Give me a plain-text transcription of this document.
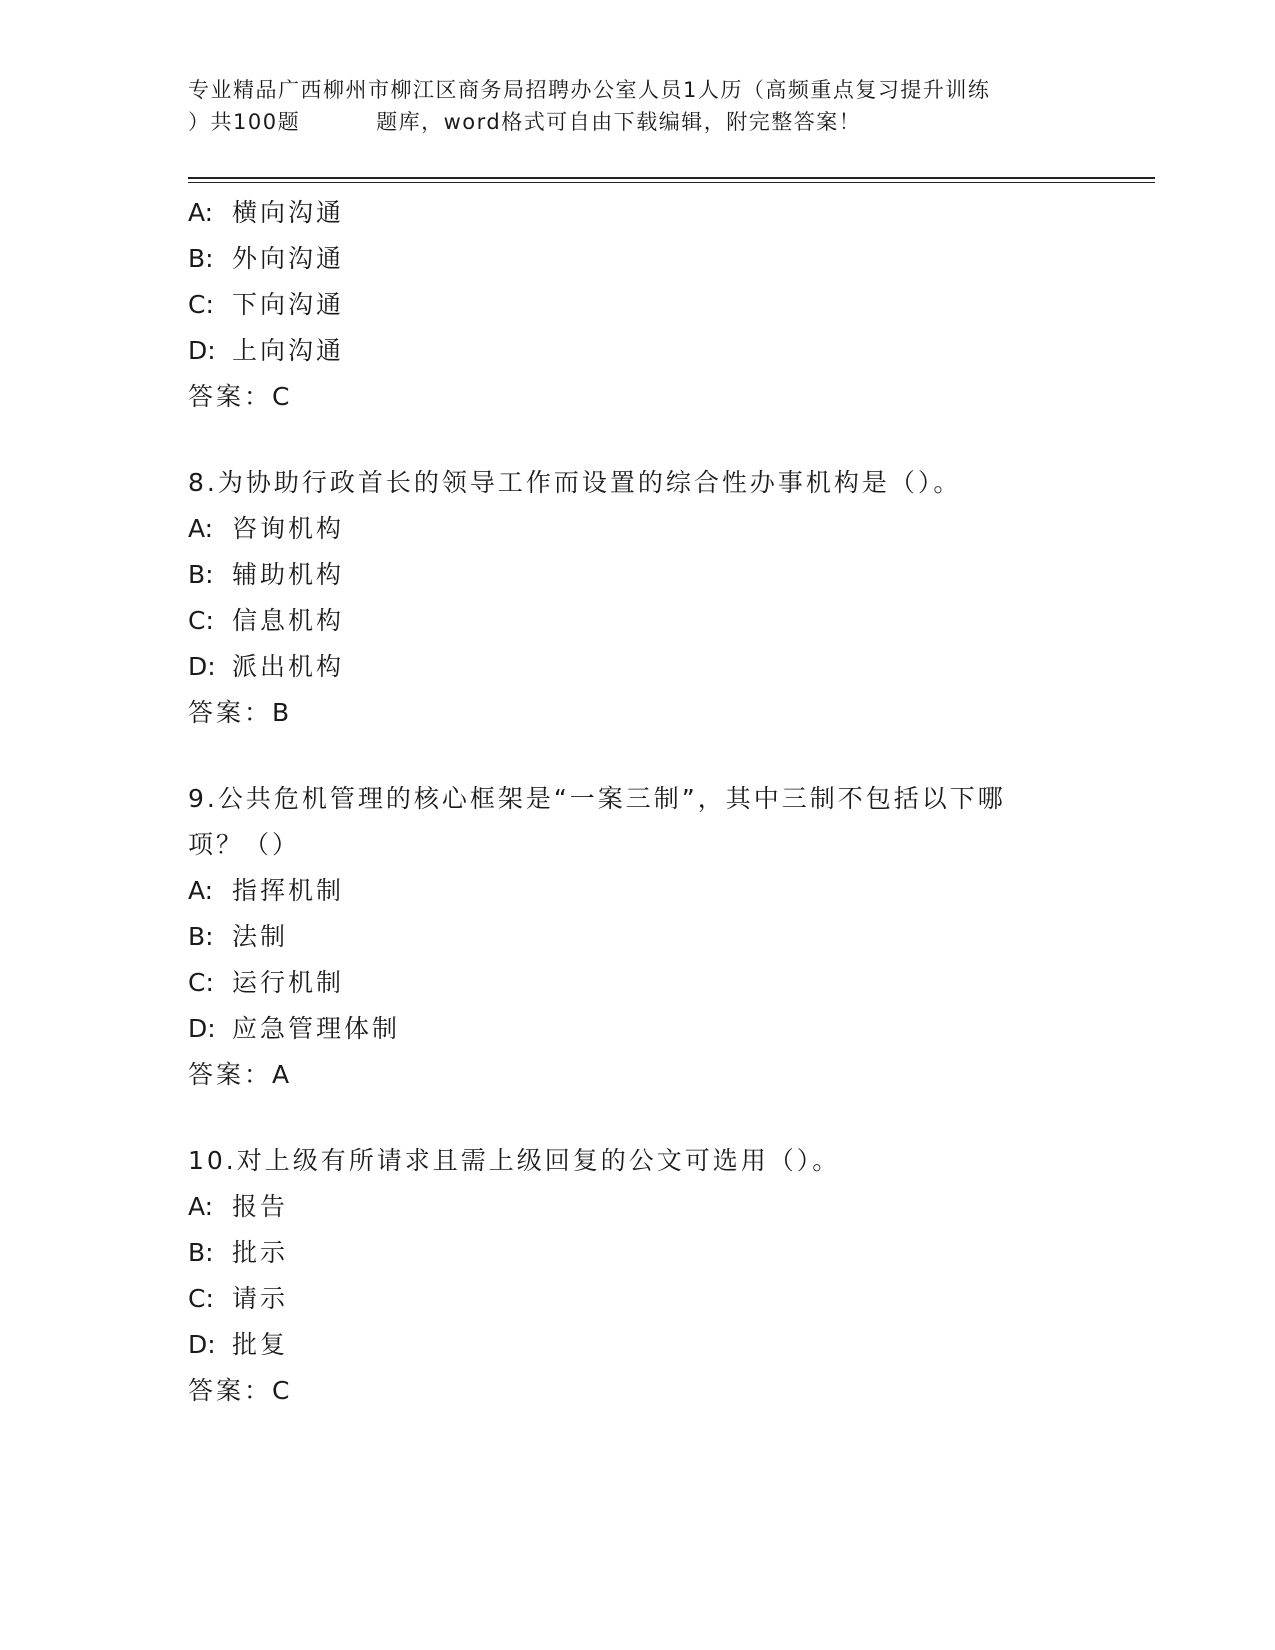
专业精品广西柳州市柳江区商务局招聘办公室人员1人历（高频重点复习提升训练
）共100题	题库，word格式可自由下载编辑，附完整答案！
A: 横向沟通
B: 外向沟通
C: 下向沟通
D: 上向沟通
答案：C
8.为协助行政首长的领导工作而设置的综合性办事机构是（）。
A: 咨询机构
B: 辅助机构
C: 信息机构
D: 派出机构
答案：B
9.公共危机管理的核心框架是“一案三制”，其中三制不包括以下哪
项？（）
A: 指挥机制
B: 法制
C: 运行机制
D: 应急管理体制
答案：A
10.对上级有所请求且需上级回复的公文可选用（）。
A: 报告
B: 批示
C: 请示
D: 批复
答案：C
